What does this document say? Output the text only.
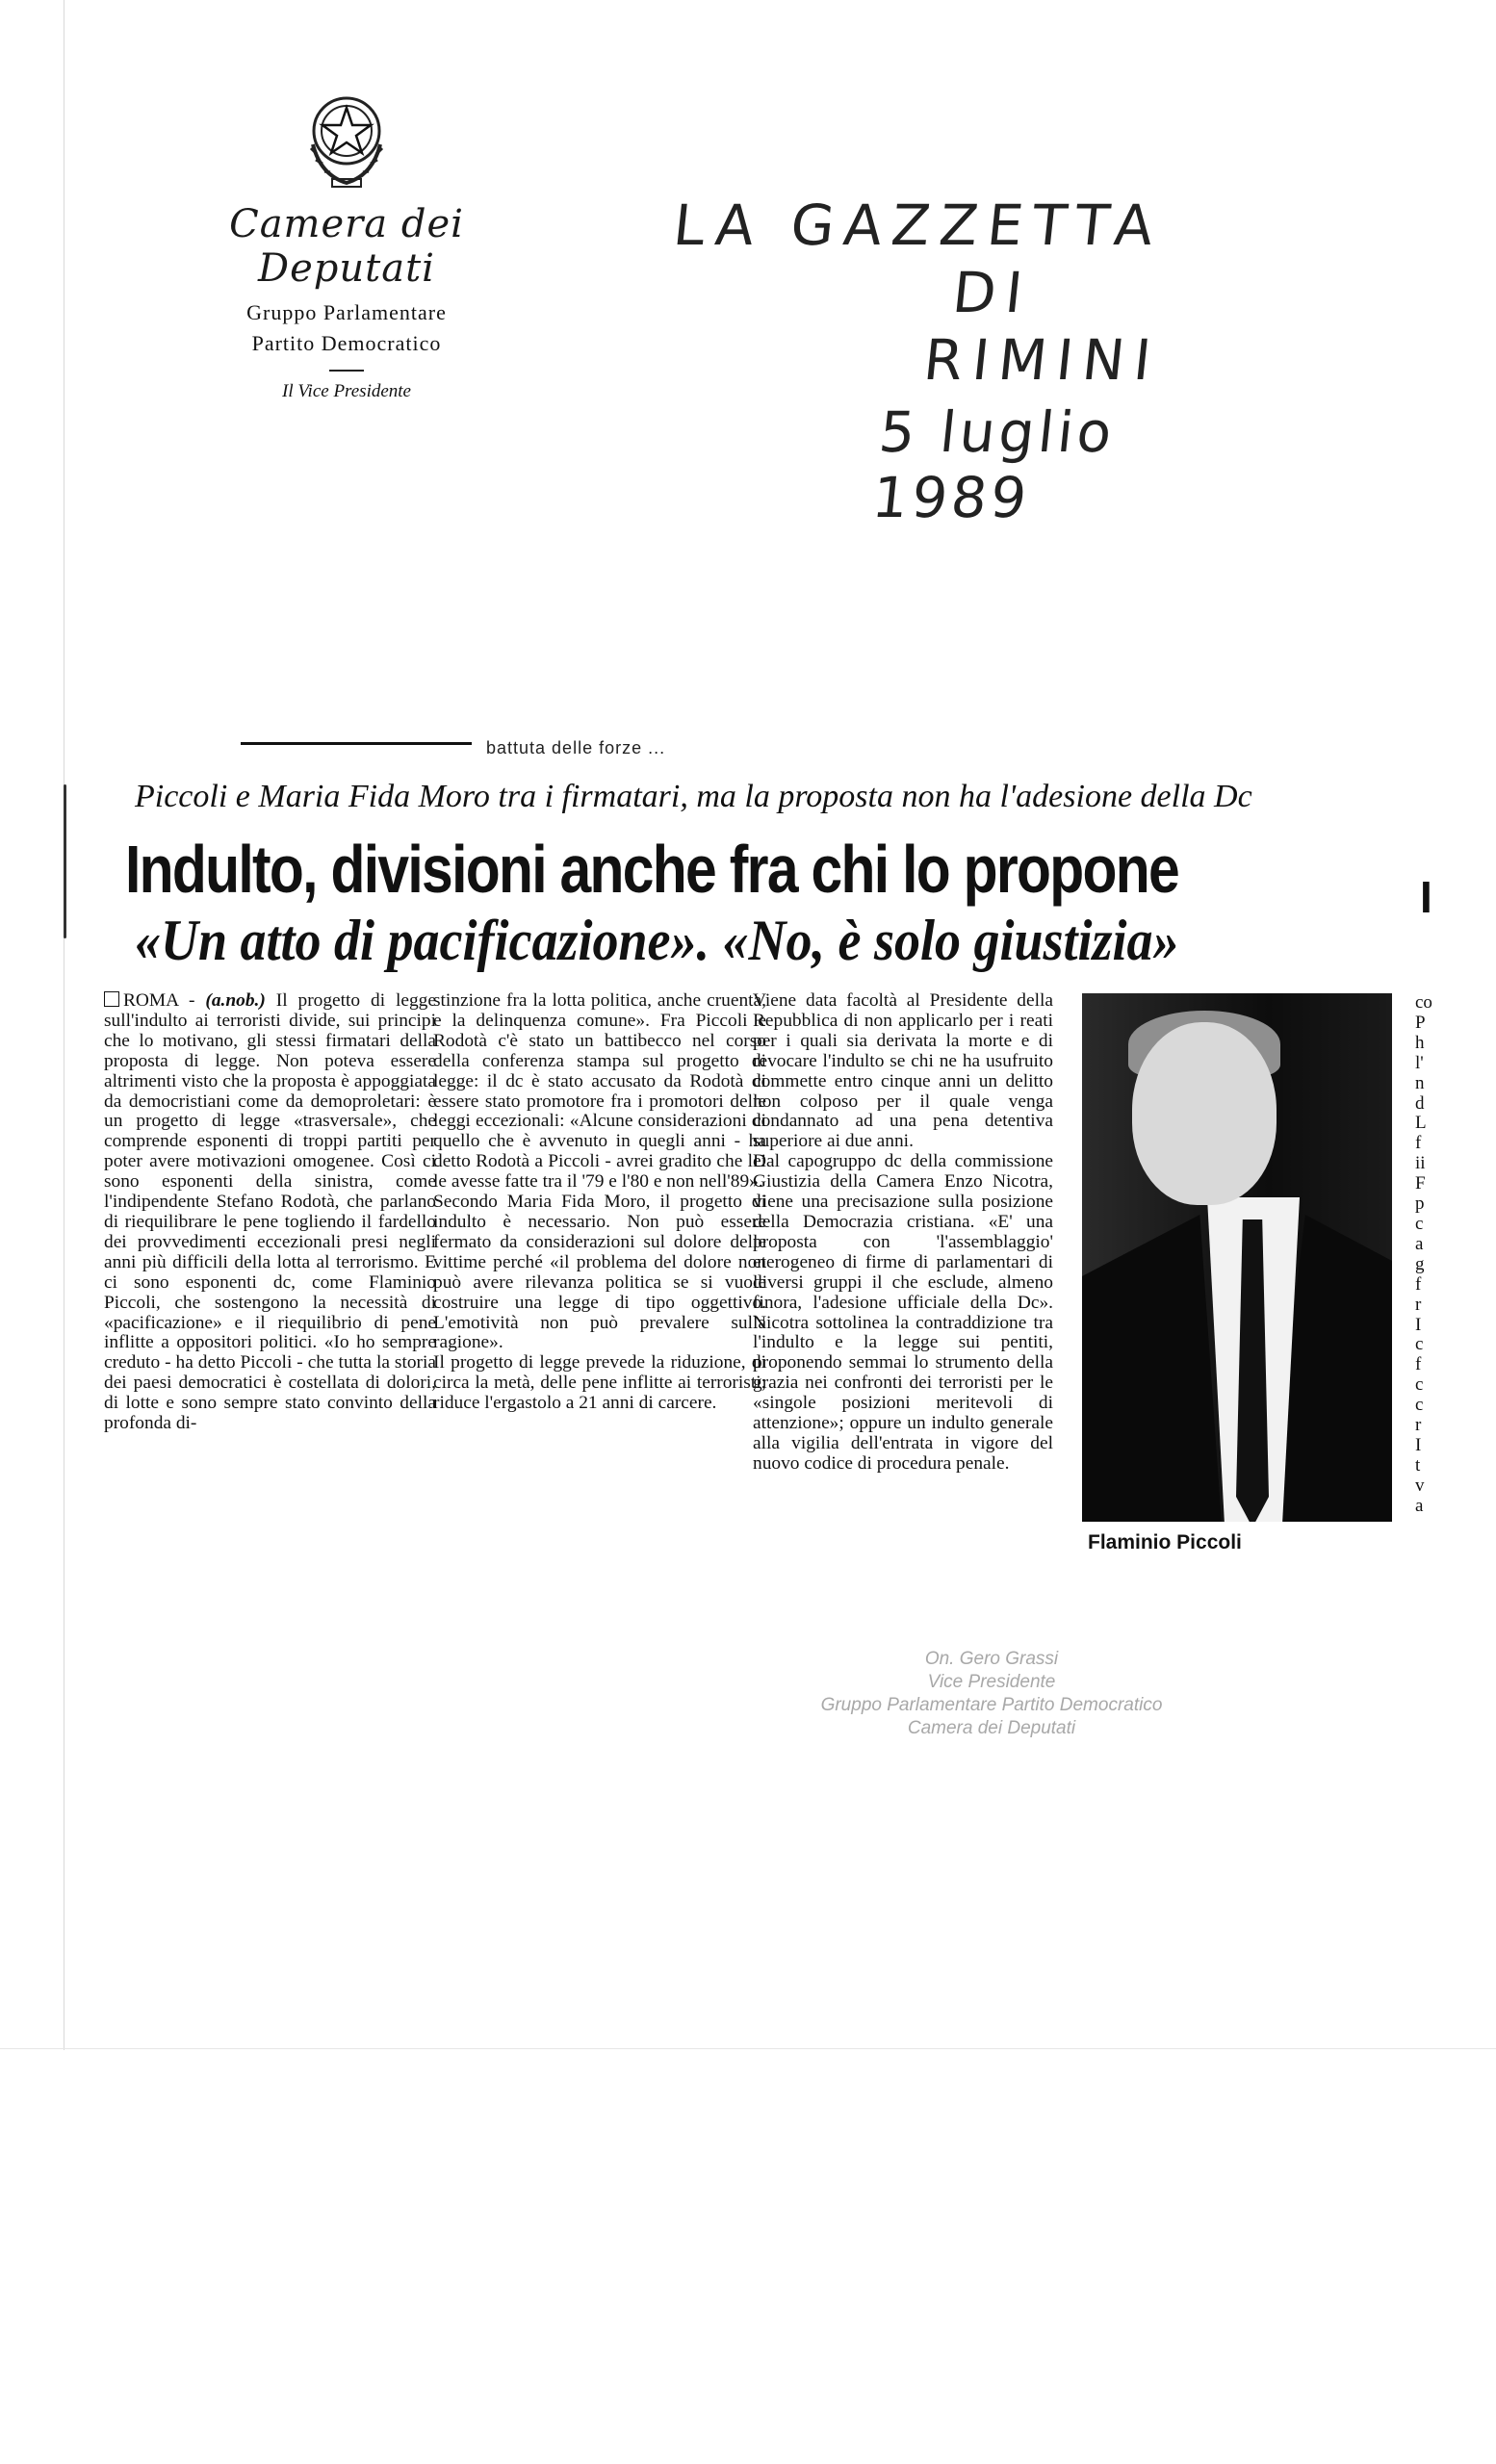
Camera dei Deputati
Gruppo Parlamentare
Partito Democratico
Il Vice Presidente
LA GAZZETTA
DI
RIMINI
5 luglio 1989
battuta delle forze ...
Piccoli e Maria Fida Moro tra i firmatari, ma la proposta non ha l'adesione della Dc
Indulto, divisioni anche fra chi lo propone
«Un atto di pacificazione». «No, è solo giustizia»
I

ROMA - (a.nob.) Il progetto di legge sull'indulto ai terroristi divide, sui principi che lo motivano, gli stessi firmatari della proposta di legge. Non poteva essere altrimenti visto che la proposta è appoggiata da democristiani come da demoproletari: è un progetto di legge «trasversale», che comprende esponenti di troppi partiti per poter avere motivazioni omogenee. Così ci sono esponenti della sinistra, come l'indipendente Stefano Rodotà, che parlano di riequilibrare le pene togliendo il fardello dei provvedimenti eccezionali presi negli anni più difficili della lotta al terrorismo. E ci sono esponenti dc, come Flaminio Piccoli, che sostengono la necessità di «pacificazione» e il riequilibrio di pene inflitte a oppositori politici. «Io ho sempre creduto - ha detto Piccoli - che tutta la storia dei paesi democratici è costellata di dolori, di lotte e sono sempre stato convinto della profonda di-

stinzione fra la lotta politica, anche cruenta, e la delinquenza comune». Fra Piccoli e Rodotà c'è stato un battibecco nel corso della conferenza stampa sul progetto di legge: il dc è stato accusato da Rodotà di essere stato promotore fra i promotori delle leggi eccezionali: «Alcune considerazioni di quello che è avvenuto in quegli anni - ha detto Rodotà a Piccoli - avrei gradito che lei le avesse fatte tra il '79 e l'80 e non nell'89».

Secondo Maria Fida Moro, il progetto di indulto è necessario. Non può essere fermato da considerazioni sul dolore delle vittime perché «il problema del dolore non può avere rilevanza politica se si vuole costruire una legge di tipo oggettivo. L'emotività non può prevalere sulla ragione».

Il progetto di legge prevede la riduzione, di circa la metà, delle pene inflitte ai terroristi; riduce l'ergastolo a 21 anni di carcere.

Viene data facoltà al Presidente della Repubblica di non applicarlo per i reati per i quali sia derivata la morte e di revocare l'indulto se chi ne ha usufruito commette entro cinque anni un delitto non colposo per il quale venga condannato ad una pena detentiva superiore ai due anni.

Dal capogruppo dc della commissione Giustizia della Camera Enzo Nicotra, viene una precisazione sulla posizione della Democrazia cristiana. «E' una proposta con 'l'assemblaggio' eterogeneo di firme di parlamentari di diversi gruppi il che esclude, almeno finora, l'adesione ufficiale della Dc». Nicotra sottolinea la contraddizione tra l'indulto e la legge sui pentiti, proponendo semmai lo strumento della grazia nei confronti dei terroristi per le «singole posizioni meritevoli di attenzione»; oppure un indulto generale alla vigilia dell'entrata in vigore del nuovo codice di procedura penale.

Flaminio Piccoli
co
P
h
l'
n
d
L
f
ii
F
p
c
a
g
f
r
I
c
f
c
c
r
I
t
v
a
On. Gero Grassi
Vice Presidente
Gruppo Parlamentare Partito Democratico
Camera dei Deputati
